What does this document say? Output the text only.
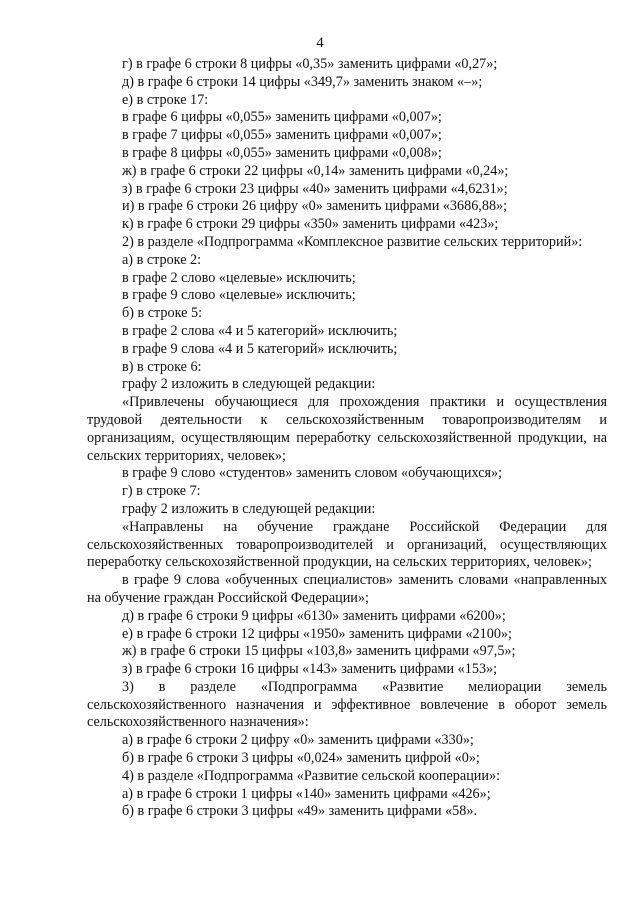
4
г) в графе 6 строки 8 цифры «0,35» заменить цифрами «0,27»;
д) в графе 6 строки 14 цифры «349,7» заменить знаком «–»;
е) в строке 17:
в графе 6 цифры «0,055» заменить цифрами «0,007»;
в графе 7 цифры «0,055» заменить цифрами «0,007»;
в графе 8 цифры «0,055» заменить цифрами «0,008»;
ж) в графе 6 строки 22 цифры «0,14» заменить цифрами «0,24»;
з) в графе 6 строки 23 цифры «40» заменить цифрами «4,6231»;
и) в графе 6 строки 26 цифру «0» заменить цифрами «3686,88»;
к) в графе 6 строки 29 цифры «350» заменить цифрами «423»;
2) в разделе «Подпрограмма «Комплексное развитие сельских территорий»:
а) в строке 2:
в графе 2 слово «целевые» исключить;
в графе 9 слово «целевые» исключить;
б) в строке 5:
в графе 2 слова «4 и 5 категорий» исключить;
в графе 9 слова «4 и 5 категорий» исключить;
в) в строке 6:
графу 2 изложить в следующей редакции:
«Привлечены обучающиеся для прохождения практики и осуществления трудовой деятельности к сельскохозяйственным товаропроизводителям и организациям, осуществляющим переработку сельскохозяйственной продукции, на сельских территориях, человек»;
в графе 9 слово «студентов» заменить словом «обучающихся»;
г) в строке 7:
графу 2 изложить в следующей редакции:
«Направлены на обучение граждане Российской Федерации для сельскохозяйственных товаропроизводителей и организаций, осуществляющих переработку сельскохозяйственной продукции, на сельских территориях, человек»;
в графе 9 слова «обученных специалистов» заменить словами «направленных на обучение граждан Российской Федерации»;
д) в графе 6 строки 9 цифры «6130» заменить цифрами «6200»;
е) в графе 6 строки 12 цифры «1950» заменить цифрами «2100»;
ж) в графе 6 строки 15 цифры «103,8» заменить цифрами «97,5»;
з) в графе 6 строки 16 цифры «143» заменить цифрами «153»;
3) в разделе «Подпрограмма «Развитие мелиорации земель сельскохозяйственного назначения и эффективное вовлечение в оборот земель сельскохозяйственного назначения»:
а) в графе 6 строки 2 цифру «0» заменить цифрами «330»;
б) в графе 6 строки 3 цифры «0,024» заменить цифрой «0»;
4) в разделе «Подпрограмма «Развитие сельской кооперации»:
а) в графе 6 строки 1 цифры «140» заменить цифрами «426»;
б) в графе 6 строки 3 цифры «49» заменить цифрами «58».
